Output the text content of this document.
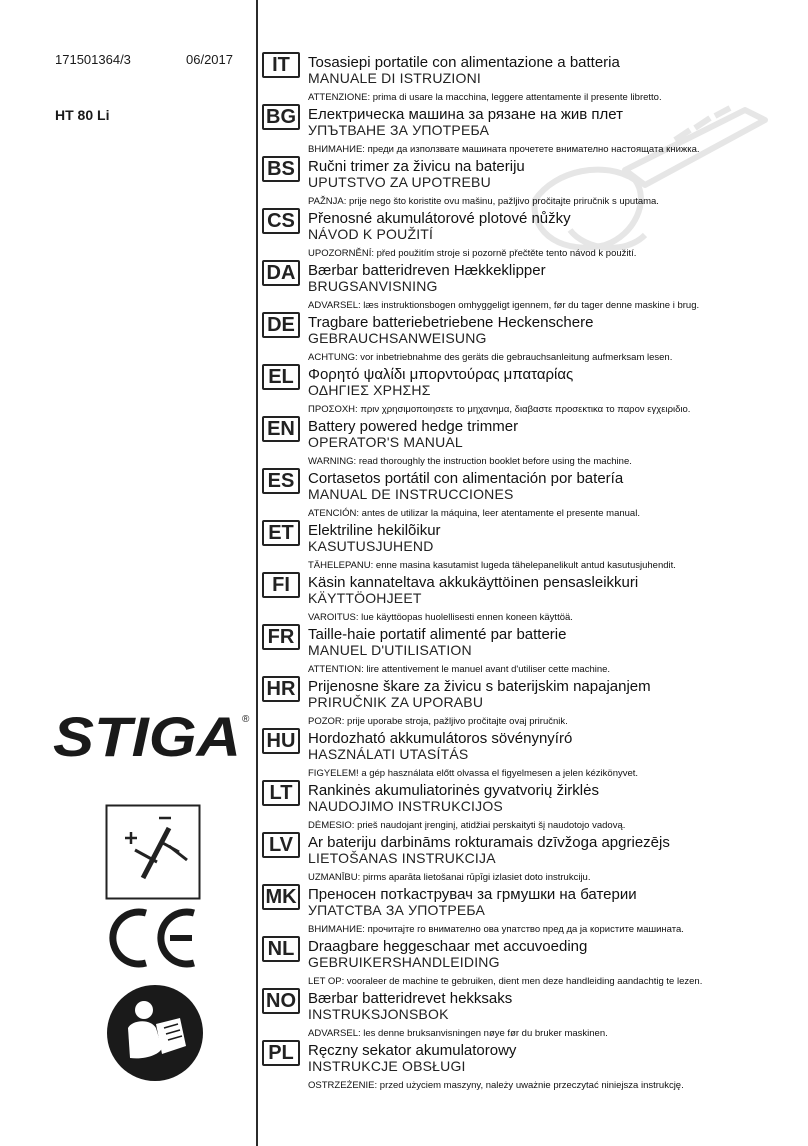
171501364/3	06/2017
HT 80 Li
STIGA ®
IT	Tosasiepi portatile con alimentazione a batteria
MANUALE DI ISTRUZIONI
ATTENZIONE: prima di usare la macchina, leggere attentamente il presente libretto.
BG Електрическа машина за рязане на жив плет
УПЪТВАНЕ ЗА УПОТРЕБА
ВНИМАНИЕ: преди да използвате машината прочетете внимателно настоящата книжка.
BS Ručni trimer za živicu na bateriju
UPUTSTVO ZA UPOTREBU
PAŽNJA: prije nego što koristite ovu mašinu, pažljivo pročitajte priručnik s uputama.
CS Přenosné akumulátorové plotové nůžky
NÁVOD K POUŽITÍ
UPOZORNĚNÍ: před použitím stroje si pozorně přečtěte tento návod k použití.
DA Bærbar batteridreven Hækkeklipper
BRUGSANVISNING
ADVARSEL: læs instruktionsbogen omhyggeligt igennem, før du tager denne maskine i brug.
DE Tragbare batteriebetriebene Heckenschere
GEBRAUCHSANWEISUNG
ACHTUNG: vor inbetriebnahme des geräts die gebrauchsanleitung aufmerksam lesen.
EL Φορητό ψαλίδι μπορντούρας μπαταρίας
ΟΔΗΓΙΕΣ ΧΡΗΣΗΣ
ΠΡΟΣΟΧΗ: πριν χρησιμοποιησετε το μηχανημα, διαβαστε προσεκτικα το παρον εγχειριδιο.
EN Battery powered hedge trimmer
OPERATOR'S MANUAL
WARNING: read thoroughly the instruction booklet before using the machine.
ES Cortasetos portátil con alimentación por batería
MANUAL DE INSTRUCCIONES
ATENCIÓN: antes de utilizar la máquina, leer atentamente el presente manual.
ET Elektriline hekilõikur
KASUTUSJUHEND
TÄHELEPANU: enne masina kasutamist lugeda tähelepanelikult antud kasutusjuhendit.
FI	Käsin kannateltava akkukäyttöinen pensasleikkuri
KÄYTTÖOHJEET
VAROITUS: lue käyttöopas huolellisesti ennen koneen käyttöä.
FR Taille-haie portatif alimenté par batterie
MANUEL D'UTILISATION
ATTENTION: lire attentivement le manuel avant d'utiliser cette machine.
HR Prijenosne škare za živicu s baterijskim napajanjem
PRIRUČNIK ZA UPORABU
POZOR: prije uporabe stroja, pažljivo pročitajte ovaj priručnik.
HU Hordozható akkumulátoros sövénynyíró
HASZNÁLATI UTASÍTÁS
FIGYELEM! a gép használata előtt olvassa el figyelmesen a jelen kézikönyvet.
LT	Rankinės akumuliatorinės gyvatvorių žirklės
NAUDOJIMO INSTRUKCIJOS
DĖMESIO: prieš naudojant įrenginį, atidžiai perskaityti šį naudotojo vadovą.
LV Ar bateriju darbināms rokturamais dzīvžoga apgriezējs
LIETOŠANAS INSTRUKCIJA
UZMANĪBU: pirms aparāta lietošanai rūpīgi izlasiet doto instrukciju.
MK Преносен потkаструвач за грмушки на батерии
УПАТСТВА ЗА УПОТРЕБА
ВНИМАНИЕ: прочитајте го внимателно ова упатство пред да ја користите машината.
NL Draagbare heggeschaar met accuvoeding
GEBRUIKERSHANDLEIDING
LET OP: vooraleer de machine te gebruiken, dient men deze handleiding aandachtig te lezen.
NO Bærbar batteridrevet hekksaks
INSTRUKSJONSBOK
ADVARSEL: les denne bruksanvisningen nøye før du bruker maskinen.
PL Ręczny sekator akumulatorowy
INSTRUKCJE OBSŁUGI
OSTRZEŻENIE: przed użyciem maszyny, należy uważnie przeczytać niniejsza instrukcję.
